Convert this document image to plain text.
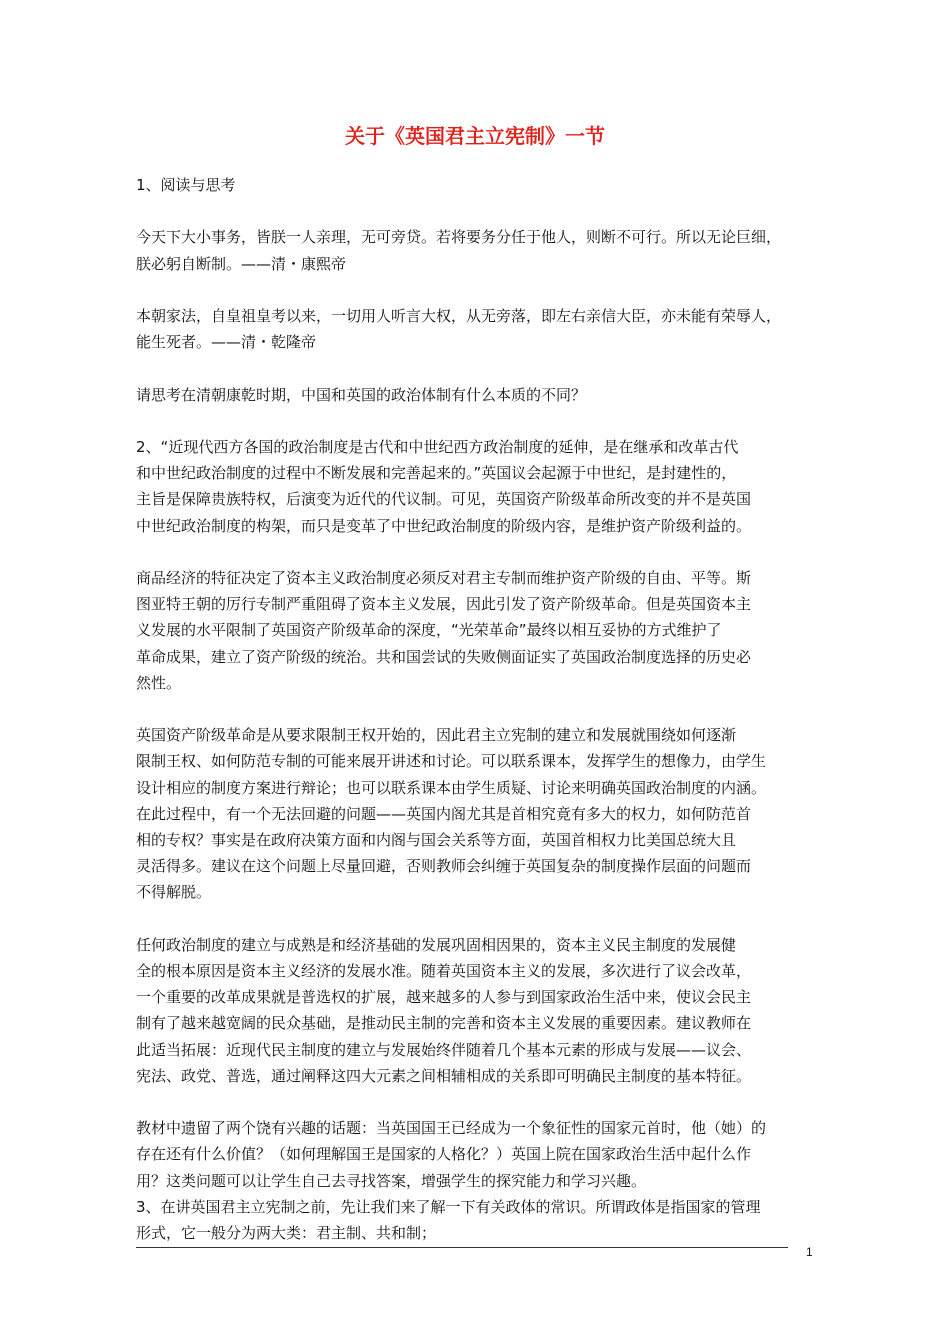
关于《英国君主立宪制》一节

1、阅读与思考

今天下大小事务，皆朕一人亲理，无可旁贷。若将要务分任于他人，则断不可行。所以无论巨细，

朕必躬自断制。——清・康熙帝

本朝家法，自皇祖皇考以来，一切用人听言大权，从无旁落，即左右亲信大臣，亦未能有荣辱人，

能生死者。——清・乾隆帝

请思考在清朝康乾时期，中国和英国的政治体制有什么本质的不同？

2、“近现代西方各国的政治制度是古代和中世纪西方政治制度的延伸，是在继承和改革古代

和中世纪政治制度的过程中不断发展和完善起来的。”英国议会起源于中世纪，是封建性的，

主旨是保障贵族特权，后演变为近代的代议制。可见，英国资产阶级革命所改变的并不是英国

中世纪政治制度的构架，而只是变革了中世纪政治制度的阶级内容，是维护资产阶级利益的。

商品经济的特征决定了资本主义政治制度必须反对君主专制而维护资产阶级的自由、平等。斯

图亚特王朝的厉行专制严重阻碍了资本主义发展，因此引发了资产阶级革命。但是英国资本主

义发展的水平限制了英国资产阶级革命的深度，“光荣革命”最终以相互妥协的方式维护了

革命成果，建立了资产阶级的统治。共和国尝试的失败侧面证实了英国政治制度选择的历史必

然性。

英国资产阶级革命是从要求限制王权开始的，因此君主立宪制的建立和发展就围绕如何逐渐

限制王权、如何防范专制的可能来展开讲述和讨论。可以联系课本，发挥学生的想像力，由学生

设计相应的制度方案进行辩论；也可以联系课本由学生质疑、讨论来明确英国政治制度的内涵。

在此过程中，有一个无法回避的问题——英国内阁尤其是首相究竟有多大的权力，如何防范首

相的专权？事实是在政府决策方面和内阁与国会关系等方面，英国首相权力比美国总统大且

灵活得多。建议在这个问题上尽量回避，否则教师会纠缠于英国复杂的制度操作层面的问题而

不得解脱。

任何政治制度的建立与成熟是和经济基础的发展巩固相因果的，资本主义民主制度的发展健

全的根本原因是资本主义经济的发展水准。随着英国资本主义的发展，多次进行了议会改革，

一个重要的改革成果就是普选权的扩展，越来越多的人参与到国家政治生活中来，使议会民主

制有了越来越宽阔的民众基础，是推动民主制的完善和资本主义发展的重要因素。建议教师在

此适当拓展：近现代民主制度的建立与发展始终伴随着几个基本元素的形成与发展——议会、

宪法、政党、普选，通过阐释这四大元素之间相辅相成的关系即可明确民主制度的基本特征。

教材中遗留了两个饶有兴趣的话题：当英国国王已经成为一个象征性的国家元首时，他（她）的

存在还有什么价值？（如何理解国王是国家的人格化？）英国上院在国家政治生活中起什么作

用？这类问题可以让学生自己去寻找答案，增强学生的探究能力和学习兴趣。

3、在讲英国君主立宪制之前，先让我们来了解一下有关政体的常识。所谓政体是指国家的管理

形式，它一般分为两大类：君主制、共和制；

1
